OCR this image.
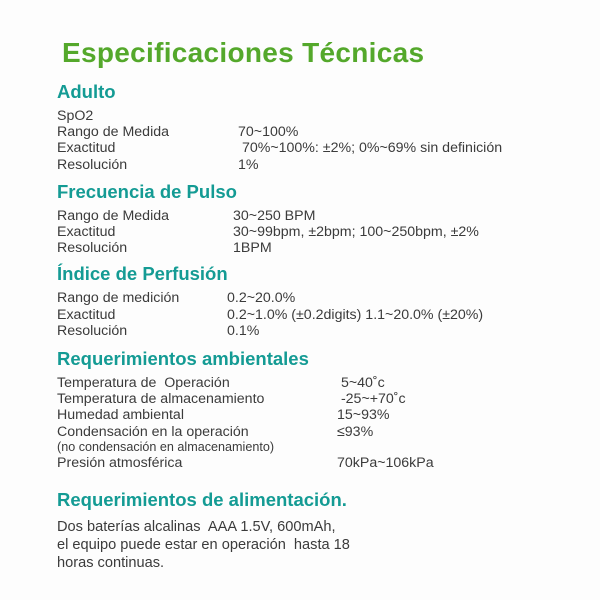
Especificaciones Técnicas
Adulto
SpO2
Rango de Medida	70~100%
Exactitud	70%~100%: ±2%; 0%~69% sin definición
Resolución	1%
Frecuencia de Pulso
Rango de Medida	30~250 BPM
Exactitud	30~99bpm, ±2bpm; 100~250bpm, ±2%
Resolución	1BPM
Índice de Perfusión
Rango de medición	0.2~20.0%
Exactitud	0.2~1.0% (±0.2digits) 1.1~20.0% (±20%)
Resolución	0.1%
Requerimientos ambientales
Temperatura de  Operación	5~40˚c
Temperatura de almacenamiento	-25~+70˚c
Humedad ambiental	15~93%
Condensación en la operación	≤93%
(no condensación en almacenamiento)
Presión atmosférica	70kPa~106kPa
Requerimientos de alimentación.
Dos baterías alcalinas  AAA 1.5V, 600mAh,
el equipo puede estar en operación  hasta 18
horas continuas.
